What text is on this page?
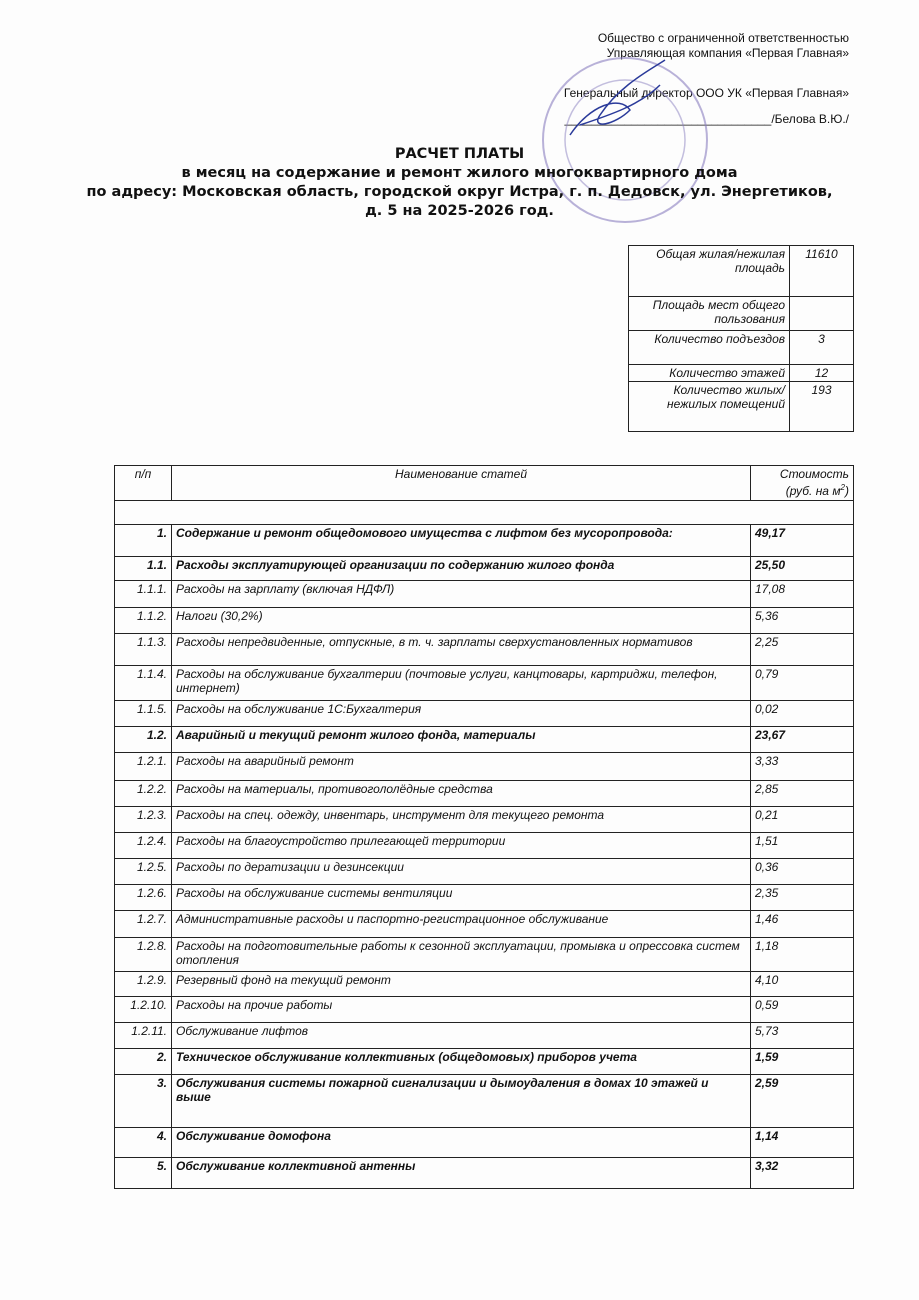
Общество с ограниченной ответственностью
Управляющая компания «Первая Главная»
Генеральный директор ООО УК «Первая Главная»
_______________________________/Белова В.Ю./
РАСЧЕТ ПЛАТЫ
в месяц на содержание и ремонт жилого многоквартирного дома
по адресу: Московская область, городской округ Истра, г. п. Дедовск, ул. Энергетиков,
д. 5 на 2025-2026 год.
Общая жилая/нежилая площадь	11610
Площадь мест общего пользования	
Количество подъездов	3
Количество этажей	12
Количество жилых/нежилых помещений	193
п/п	Наименование статей	Стоимость (руб. на $м^2$)

1.	Содержание и ремонт общедомового имущества с лифтом без мусоропровода:	49,17
1.1.	Расходы эксплуатирующей организации по содержанию жилого фонда	25,50
1.1.1.	Расходы на зарплату (включая НДФЛ)	17,08
1.1.2.	Налоги (30,2%)	5,36
1.1.3.	Расходы непредвиденные, отпускные, в т. ч. зарплаты сверхустановленных нормативов	2,25
1.1.4.	Расходы на обслуживание бухгалтерии (почтовые услуги, канцтовары, картриджи, телефон, интернет)	0,79
1.1.5.	Расходы на обслуживание 1С:Бухгалтерия	0,02
1.2.	Аварийный и текущий ремонт жилого фонда, материалы	23,67
1.2.1.	Расходы на аварийный ремонт	3,33
1.2.2.	Расходы на материалы, противогололёдные средства	2,85
1.2.3.	Расходы на спец. одежду, инвентарь, инструмент для текущего ремонта	0,21
1.2.4.	Расходы на благоустройство прилегающей территории	1,51
1.2.5.	Расходы по дератизации и дезинсекции	0,36
1.2.6.	Расходы на обслуживание системы вентиляции	2,35
1.2.7.	Административные расходы и паспортно-регистрационное обслуживание	1,46
1.2.8.	Расходы на подготовительные работы к сезонной эксплуатации, промывка и опрессовка систем отопления	1,18
1.2.9.	Резервный фонд на текущий ремонт	4,10
1.2.10.	Расходы на прочие работы	0,59
1.2.11.	Обслуживание лифтов	5,73
2.	Техническое обслуживание коллективных (общедомовых) приборов учета	1,59
3.	Обслуживания системы пожарной сигнализации и дымоудаления в домах 10 этажей и выше	2,59
4.	Обслуживание домофона	1,14
5.	Обслуживание коллективной антенны	3,32
